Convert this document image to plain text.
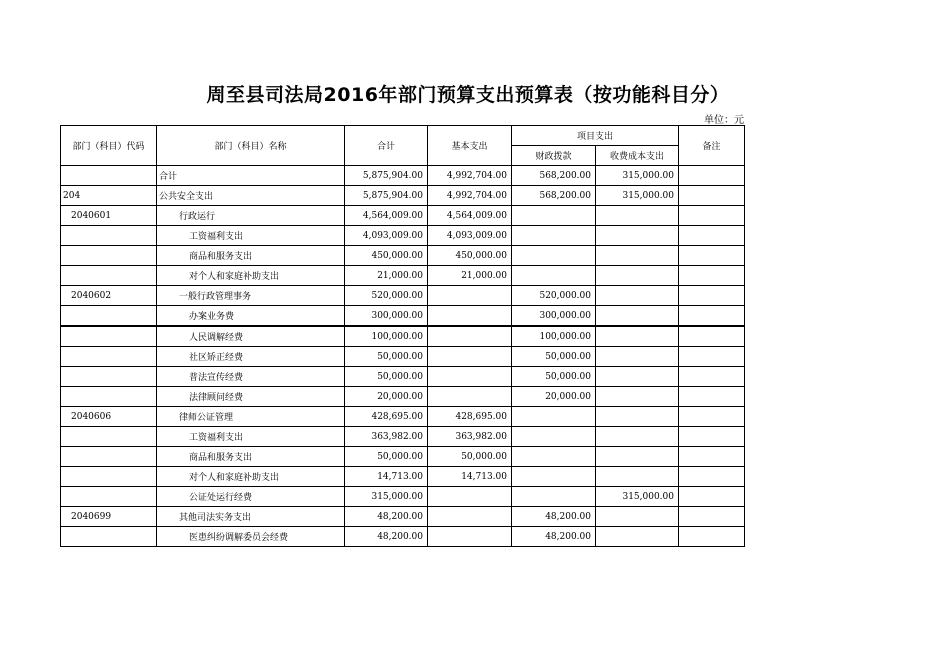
周至县司法局2016年部门预算支出预算表（按功能科目分）
单位：元
部门（科目）代码	部门（科目）名称	合计	基本支出	项目支出		备注
				财政拨款	收费成本支出	
	合计	5,875,904.00	4,992,704.00	568,200.00	315,000.00	
204	公共安全支出	5,875,904.00	4,992,704.00	568,200.00	315,000.00	
2040601	行政运行	4,564,009.00	4,564,009.00			
	工资福利支出	4,093,009.00	4,093,009.00			
	商品和服务支出	450,000.00	450,000.00			
	对个人和家庭补助支出	21,000.00	21,000.00			
2040602	一般行政管理事务	520,000.00		520,000.00		
	办案业务费	300,000.00		300,000.00		
	人民调解经费	100,000.00		100,000.00		
	社区矫正经费	50,000.00		50,000.00		
	普法宣传经费	50,000.00		50,000.00		
	法律顾问经费	20,000.00		20,000.00		
2040606	律师公证管理	428,695.00	428,695.00			
	工资福利支出	363,982.00	363,982.00			
	商品和服务支出	50,000.00	50,000.00			
	对个人和家庭补助支出	14,713.00	14,713.00			
	公证处运行经费	315,000.00			315,000.00	
2040699	其他司法实务支出	48,200.00		48,200.00		
	医患纠纷调解委员会经费	48,200.00		48,200.00		
